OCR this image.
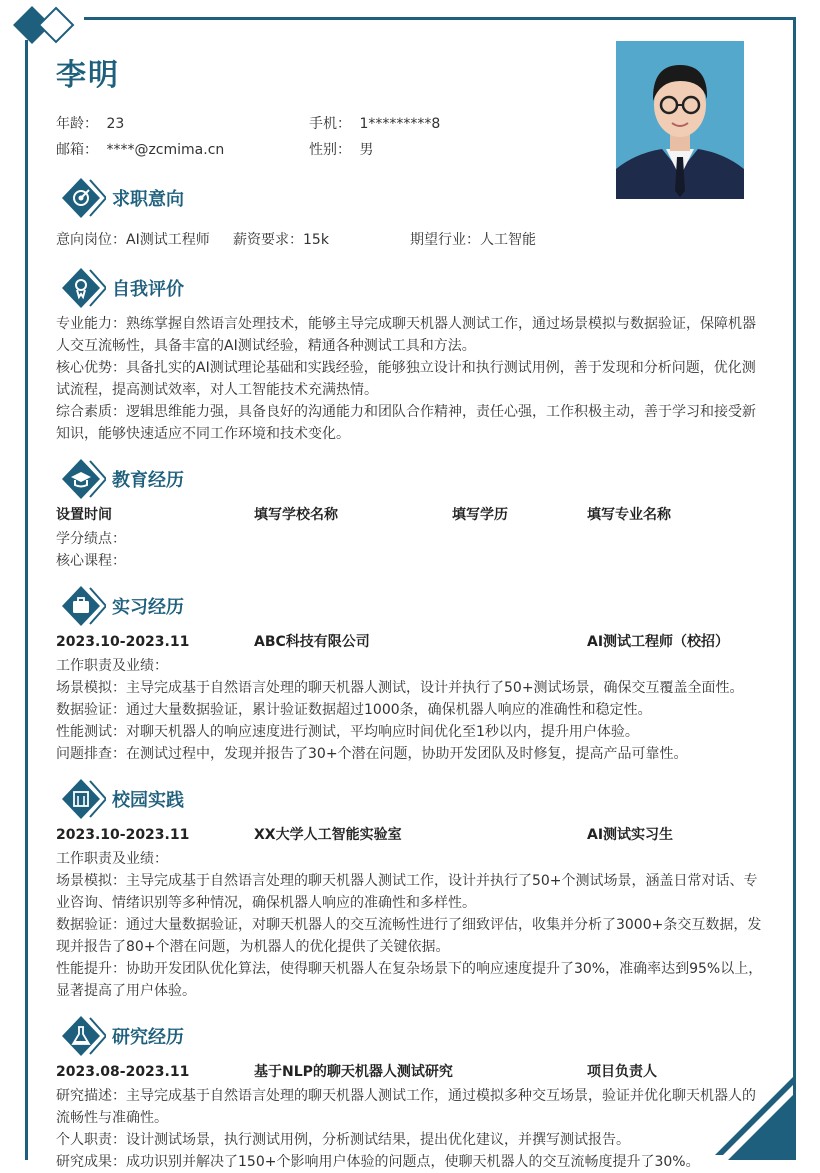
李明
年龄： 23	手机： 1*********8
邮箱： ****@zcmima.cn	性别： 男
求职意向
意向岗位：AI测试工程师 薪资要求：15k	期望行业：人工智能
自我评价
专业能力：熟练掌握自然语言处理技术，能够主导完成聊天机器人测试工作，通过场景模拟与数据验证，保障机器人交互流畅性，具备丰富的AI测试经验，精通各种测试工具和方法。
核心优势：具备扎实的AI测试理论基础和实践经验，能够独立设计和执行测试用例，善于发现和分析问题，优化测试流程，提高测试效率，对人工智能技术充满热情。
综合素质：逻辑思维能力强，具备良好的沟通能力和团队合作精神，责任心强，工作积极主动，善于学习和接受新知识，能够快速适应不同工作环境和技术变化。
教育经历
设置时间	填写学校名称	填写学历	填写专业名称
学分绩点：
核心课程：
实习经历
2023.10-2023.11	ABC科技有限公司	AI测试工程师（校招）
工作职责及业绩：
场景模拟：主导完成基于自然语言处理的聊天机器人测试，设计并执行了50+测试场景，确保交互覆盖全面性。
数据验证：通过大量数据验证，累计验证数据超过1000条，确保机器人响应的准确性和稳定性。
性能测试：对聊天机器人的响应速度进行测试，平均响应时间优化至1秒以内，提升用户体验。
问题排查：在测试过程中，发现并报告了30+个潜在问题，协助开发团队及时修复，提高产品可靠性。
校园实践
2023.10-2023.11	XX大学人工智能实验室	AI测试实习生
工作职责及业绩：
场景模拟：主导完成基于自然语言处理的聊天机器人测试工作，设计并执行了50+个测试场景，涵盖日常对话、专业咨询、情绪识别等多种情况，确保机器人响应的准确性和多样性。
数据验证：通过大量数据验证，对聊天机器人的交互流畅性进行了细致评估，收集并分析了3000+条交互数据，发现并报告了80+个潜在问题，为机器人的优化提供了关键依据。
性能提升：协助开发团队优化算法，使得聊天机器人在复杂场景下的响应速度提升了30%，准确率达到95%以上，显著提高了用户体验。
研究经历
2023.08-2023.11	基于NLP的聊天机器人测试研究	项目负责人
研究描述：主导完成基于自然语言处理的聊天机器人测试工作，通过模拟多种交互场景，验证并优化聊天机器人的流畅性与准确性。
个人职责：设计测试场景，执行测试用例，分析测试结果，提出优化建议，并撰写测试报告。
研究成果：成功识别并解决了150+个影响用户体验的问题点，使聊天机器人的交互流畅度提升了30%。
